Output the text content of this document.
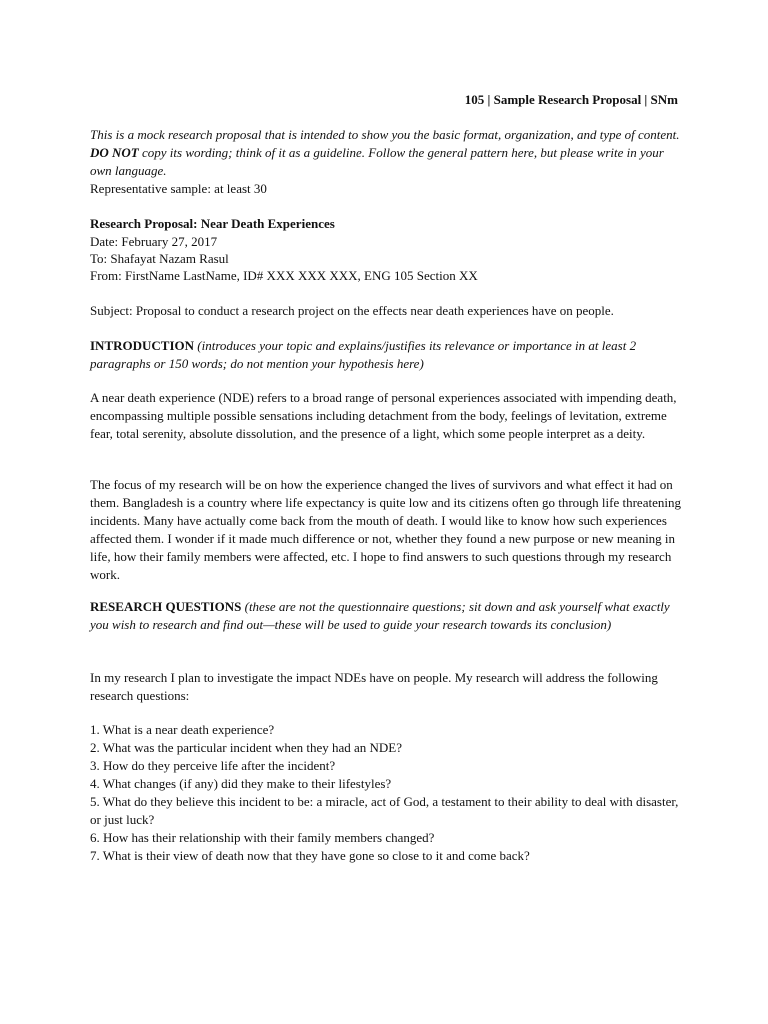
105 | Sample Research Proposal | SNm

This is a mock research proposal that is intended to show you the basic format, organization, and type of content. DO NOT copy its wording; think of it as a guideline. Follow the general pattern here, but please write in your own language.

Representative sample: at least 30

Research Proposal: Near Death Experiences

Date: February 27, 2017

To: Shafayat Nazam Rasul

From: FirstName LastName, ID# XXX XXX XXX, ENG 105 Section XX

Subject: Proposal to conduct a research project on the effects near death experiences have on people.

INTRODUCTION (introduces your topic and explains/justifies its relevance or importance in at least 2 paragraphs or 150 words; do not mention your hypothesis here)

A near death experience (NDE) refers to a broad range of personal experiences associated with impending death, encompassing multiple possible sensations including detachment from the body, feelings of levitation, extreme fear, total serenity, absolute dissolution, and the presence of a light, which some people interpret as a deity.

The focus of my research will be on how the experience changed the lives of survivors and what effect it had on them. Bangladesh is a country where life expectancy is quite low and its citizens often go through life threatening incidents. Many have actually come back from the mouth of death. I would like to know how such experiences affected them. I wonder if it made much difference or not, whether they found a new purpose or new meaning in life, how their family members were affected, etc. I hope to find answers to such questions through my research work.

RESEARCH QUESTIONS (these are not the questionnaire questions; sit down and ask yourself what exactly you wish to research and find out—these will be used to guide your research towards its conclusion)

In my research I plan to investigate the impact NDEs have on people. My research will address the following research questions:

1. What is a near death experience?
2. What was the particular incident when they had an NDE?
3. How do they perceive life after the incident?
4. What changes (if any) did they make to their lifestyles?
5. What do they believe this incident to be: a miracle, act of God, a testament to their ability to deal with disaster, or just luck?
6. How has their relationship with their family members changed?
7. What is their view of death now that they have gone so close to it and come back?
